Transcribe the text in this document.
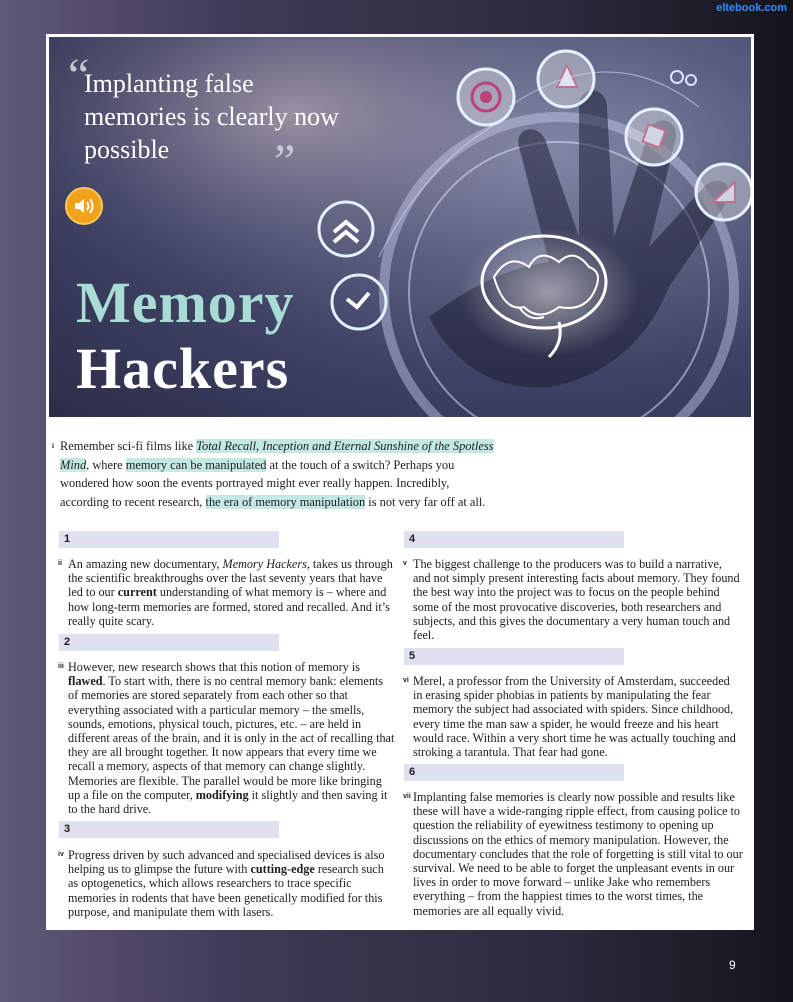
eltebook.com
“
Implanting false memories is clearly now possible ”
Memory
Hackers
i Remember sci-fi films like Total Recall, Inception and Eternal Sunshine of the Spotless Mind, where memory can be manipulated at the touch of a switch? Perhaps you wondered how soon the events portrayed might ever really happen. Incredibly, according to recent research, the era of memory manipulation is not very far off at all.
1
ii An amazing new documentary, Memory Hackers, takes us through the scientific breakthroughs over the last seventy years that have led to our current understanding of what memory is – where and how long-term memories are formed, stored and recalled. And it’s really quite scary.
2
iii However, new research shows that this notion of memory is flawed. To start with, there is no central memory bank: elements of memories are stored separately from each other so that everything associated with a particular memory – the smells, sounds, emotions, physical touch, pictures, etc. – are held in different areas of the brain, and it is only in the act of recalling that they are all brought together. It now appears that every time we recall a memory, aspects of that memory can change slightly. Memories are flexible. The parallel would be more like bringing up a file on the computer, modifying it slightly and then saving it to the hard drive.
3
iv Progress driven by such advanced and specialised devices is also helping us to glimpse the future with cutting-edge research such as optogenetics, which allows researchers to trace specific memories in rodents that have been genetically modified for this purpose, and manipulate them with lasers.
4
v The biggest challenge to the producers was to build a narrative, and not simply present interesting facts about memory. They found the best way into the project was to focus on the people behind some of the most provocative discoveries, both researchers and subjects, and this gives the documentary a very human touch and feel.
5
vi Merel, a professor from the University of Amsterdam, succeeded in erasing spider phobias in patients by manipulating the fear memory the subject had associated with spiders. Since childhood, every time the man saw a spider, he would freeze and his heart would race. Within a very short time he was actually touching and stroking a tarantula. That fear had gone.
6
vii Implanting false memories is clearly now possible and results like these will have a wide-ranging ripple effect, from causing police to question the reliability of eyewitness testimony to opening up discussions on the ethics of memory manipulation. However, the documentary concludes that the role of forgetting is still vital to our survival. We need to be able to forget the unpleasant events in our lives in order to move forward – unlike Jake who remembers everything – from the happiest times to the worst times, the memories are all equally vivid.
9
